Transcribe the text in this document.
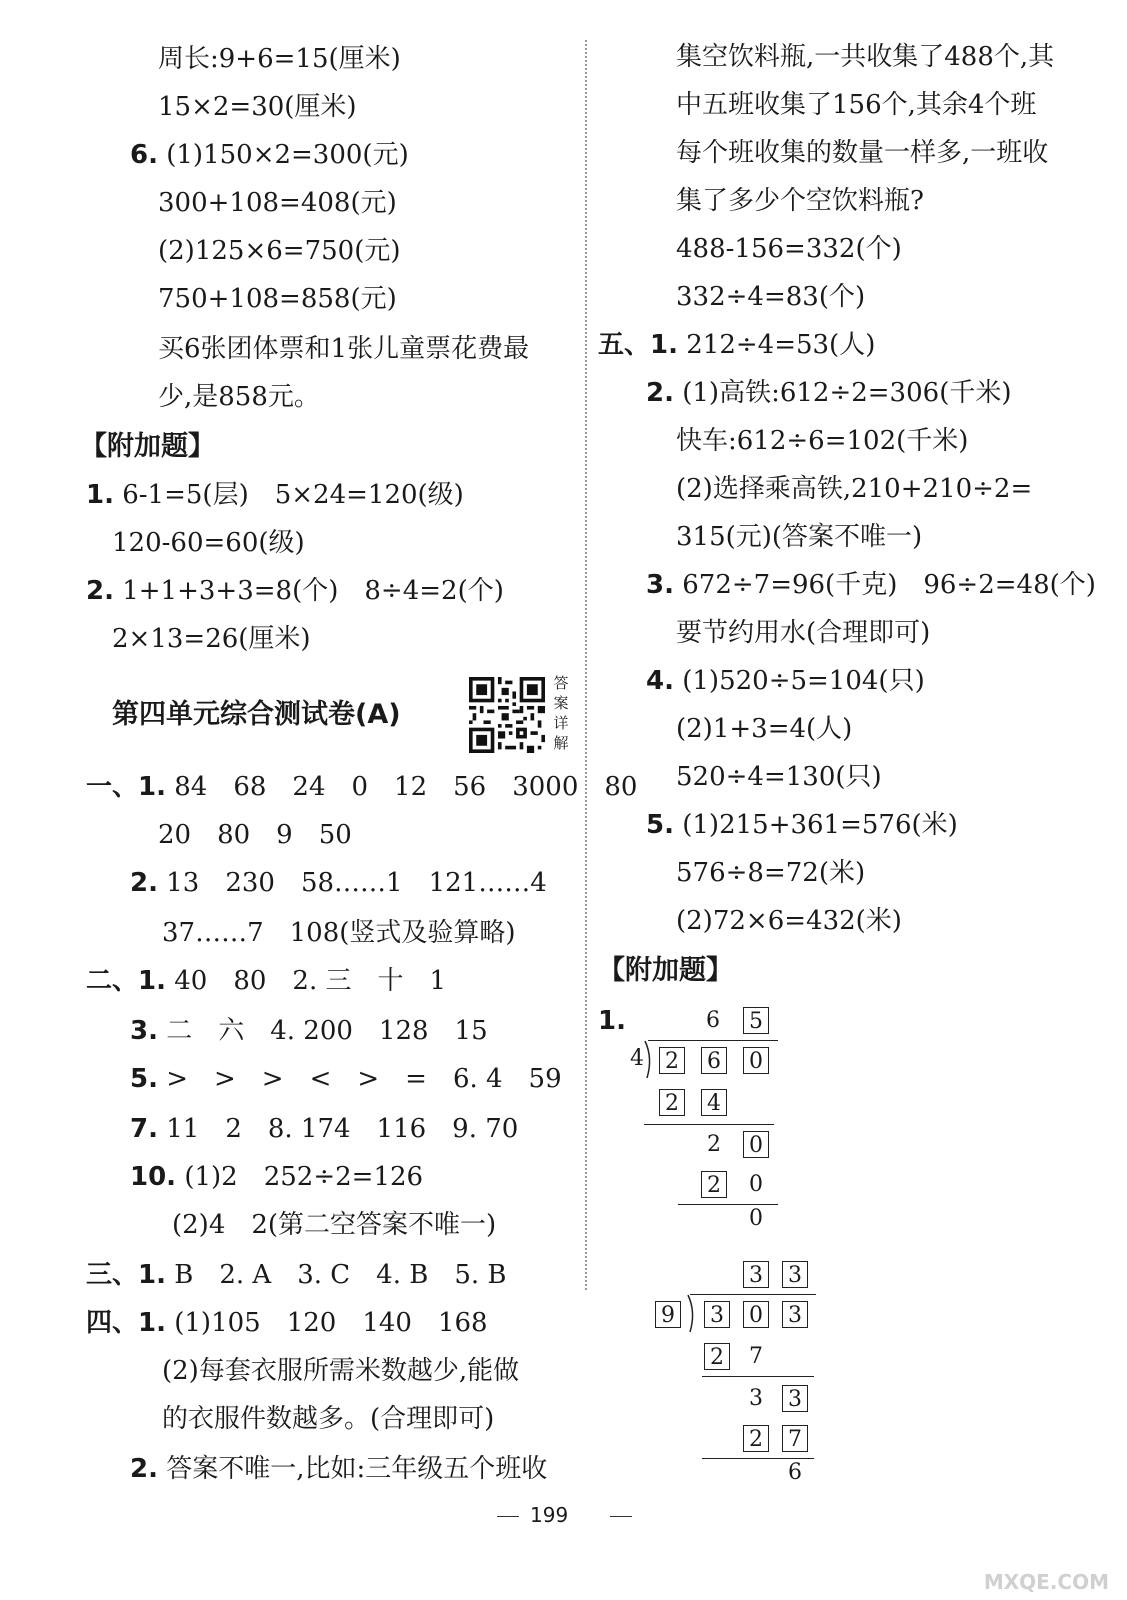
周长:9+6=15(厘米)
15×2=30(厘米)
6. (1)150×2=300(元)
300+108=408(元)
(2)125×6=750(元)
750+108=858(元)
买6张团体票和1张儿童票花费最
少,是858元。
【附加题】
1. 6-1=5(层)　5×24=120(级)
120-60=60(级)
2. 1+1+3+3=8(个)　8÷4=2(个)
2×13=26(厘米)
第四单元综合测试卷(A)
答案详解
一、1. 84　68　24　0　12　56　3000　80
20　80　9　50
2. 13　230　58……1　121……4
37……7　108(竖式及验算略)
二、1. 40　80　2. 三　十　1
3. 二　六　4. 200　128　15
5. >　>　>　<　>　=　6. 4　59
7. 11　2　8. 174　116　9. 70
10. (1)2　252÷2=126
(2)4　2(第二空答案不唯一)
三、1. B　2. A　3. C　4. B　5. B
四、1. (1)105　120　140　168
(2)每套衣服所需米数越少,能做
的衣服件数越多。(合理即可)
2. 答案不唯一,比如:三年级五个班收
集空饮料瓶,一共收集了488个,其
中五班收集了156个,其余4个班
每个班收集的数量一样多,一班收
集了多少个空饮料瓶?
488-156=332(个)
332÷4=83(个)
五、1. 212÷4=53(人)
2. (1)高铁:612÷2=306(千米)
快车:612÷6=102(千米)
(2)选择乘高铁,210+210÷2=
315(元)(答案不唯一)
3. 672÷7=96(千克)　96÷2=48(个)
要节约用水(合理即可)
4. (1)520÷5=104(只)
(2)1+3=4(人)
520÷4=130(只)
5. (1)215+361=576(米)
576÷8=72(米)
(2)72×6=432(米)
【附加题】
1.	6 5
4 2 6 0
2 4
2 0
2 0
0
3 3
9 3 0 3
2 7
3 3
2 7
6
199
MXQE.COM
